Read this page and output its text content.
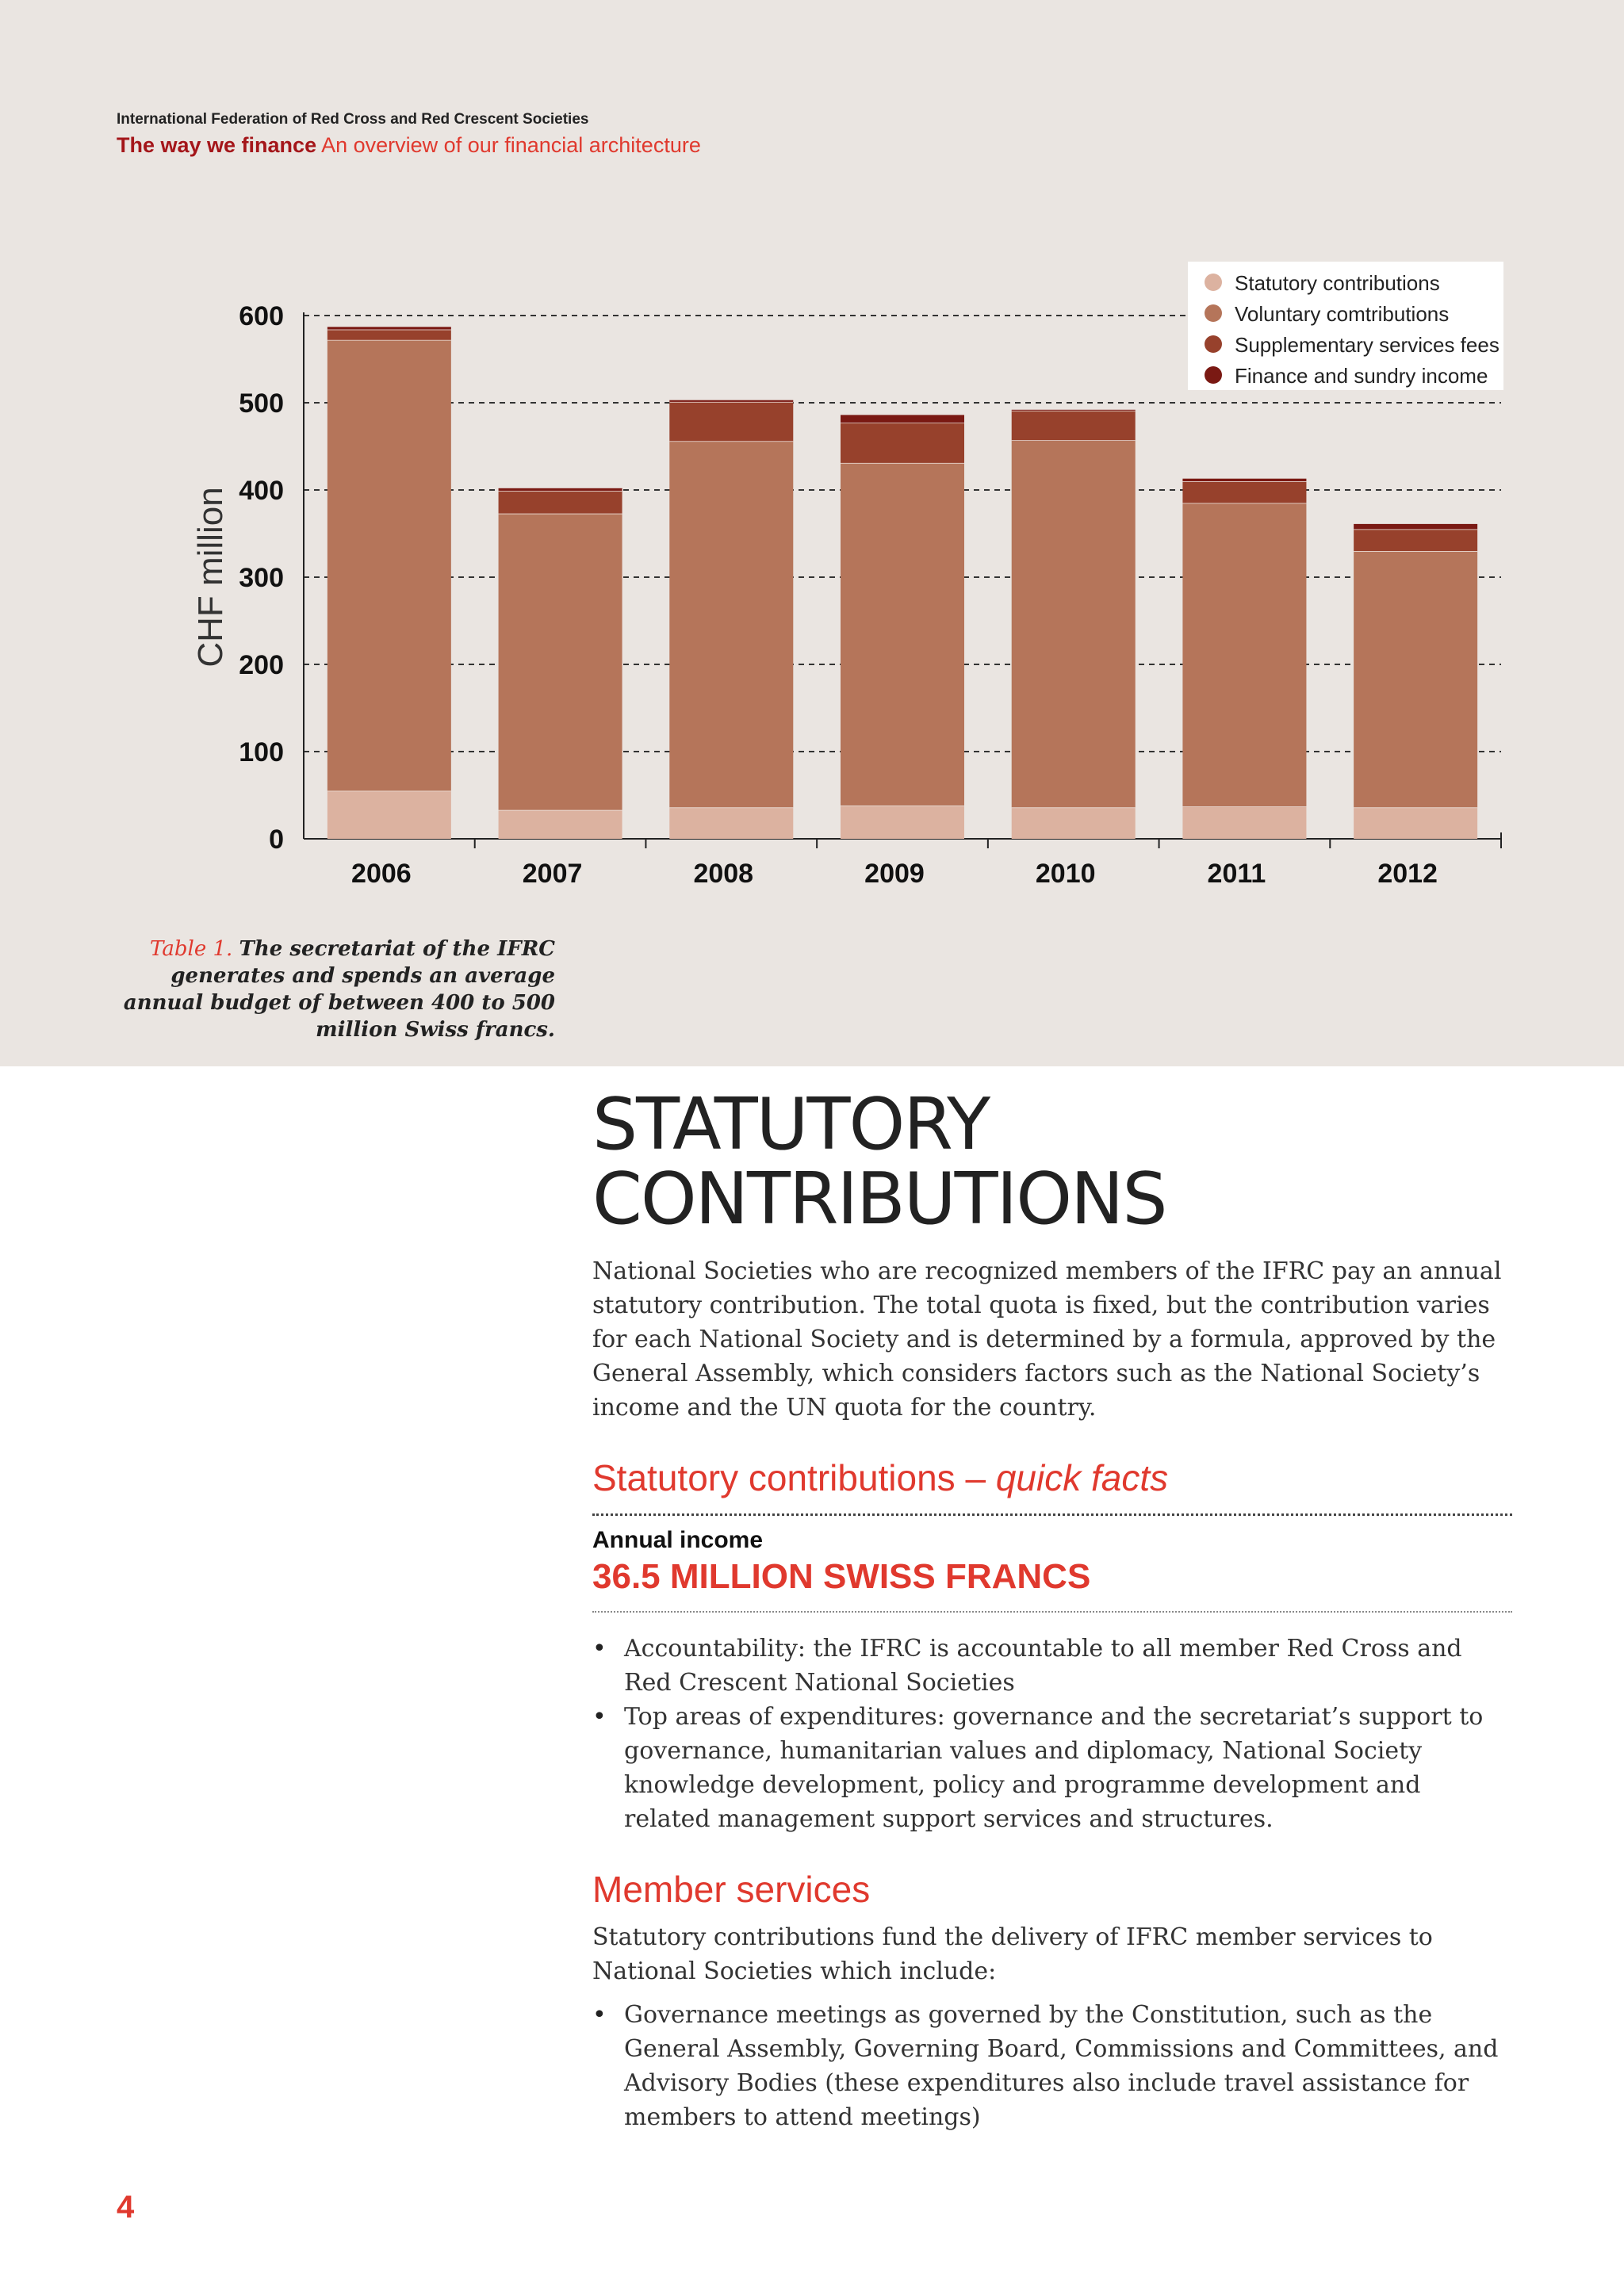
International Federation of Red Cross and Red Crescent Societies
The way we finance An overview of our financial architecture
0
100
200
300
400
500
600
CHF million
2006	2007	2008	2009	2010	2011	2012
Statutory contributions
Voluntary comtributions
Supplementary services fees
Finance and sundry income
Table 1. The secretariat of the IFRC generates and spends an average annual budget of between 400 to 500 million Swiss francs.
STATUTORY
CONTRIBUTIONS

National Societies who are recognized members of the IFRC pay an annual statutory contribution. The total quota is fixed, but the contribution varies for each National Society and is determined by a formula, approved by the General Assembly, which considers factors such as the National Society’s income and the UN quota for the country.

Statutory contributions – quick facts
Annual income
36.5 MILLION SWISS FRANCS
• Accountability: the IFRC is accountable to all member Red Cross and Red Crescent National Societies
• Top areas of expenditures: governance and the secretariat’s support to governance, humanitarian values and diplomacy, National Society knowledge development, policy and programme development and related management support services and structures.
Member services

Statutory contributions fund the delivery of IFRC member services to National Societies which include:

• Governance meetings as governed by the Constitution, such as the General Assembly, Governing Board, Commissions and Committees, and Advisory Bodies (these expenditures also include travel assistance for members to attend meetings)
4
